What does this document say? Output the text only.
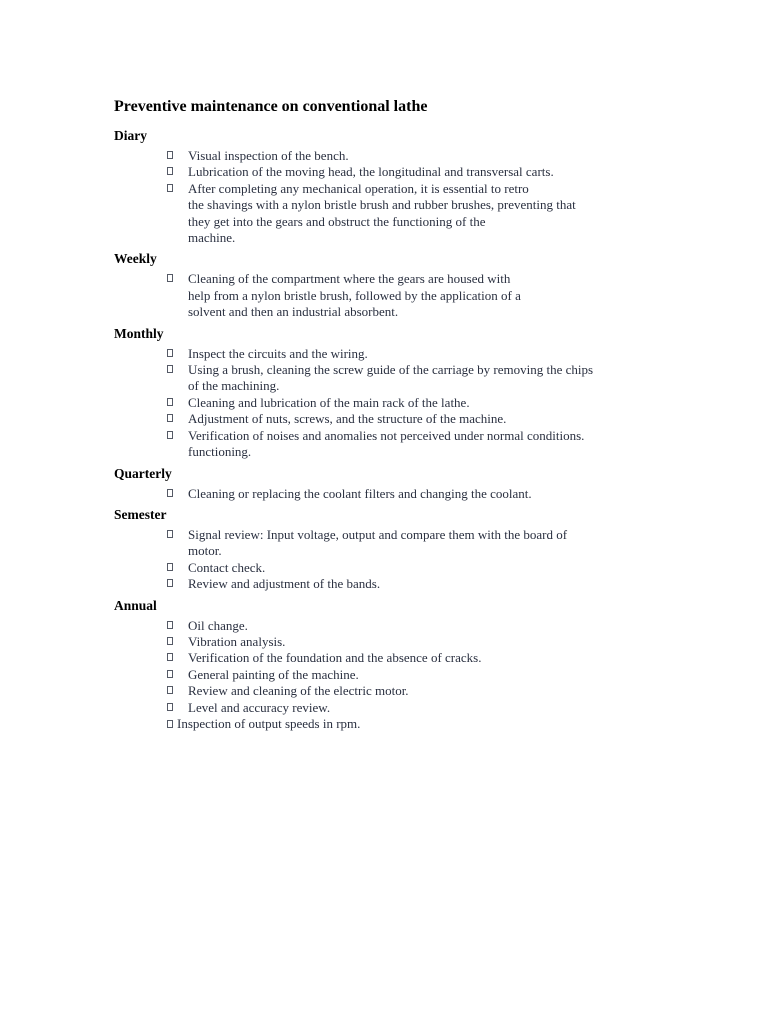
Preventive maintenance on conventional lathe
Diary
Visual inspection of the bench.
Lubrication of the moving head, the longitudinal and transversal carts.
After completing any mechanical operation, it is essential to retro
the shavings with a nylon bristle brush and rubber brushes, preventing that
they get into the gears and obstruct the functioning of the
machine.
Weekly
Cleaning of the compartment where the gears are housed with
help from a nylon bristle brush, followed by the application of a
solvent and then an industrial absorbent.
Monthly
Inspect the circuits and the wiring.
Using a brush, cleaning the screw guide of the carriage by removing the chips
of the machining.
Cleaning and lubrication of the main rack of the lathe.
Adjustment of nuts, screws, and the structure of the machine.
Verification of noises and anomalies not perceived under normal conditions.
functioning.
Quarterly
Cleaning or replacing the coolant filters and changing the coolant.
Semester
Signal review: Input voltage, output and compare them with the board of
motor.
Contact check.
Review and adjustment of the bands.
Annual
Oil change.
Vibration analysis.
Verification of the foundation and the absence of cracks.
General painting of the machine.
Review and cleaning of the electric motor.
Level and accuracy review.
Inspection of output speeds in rpm.
